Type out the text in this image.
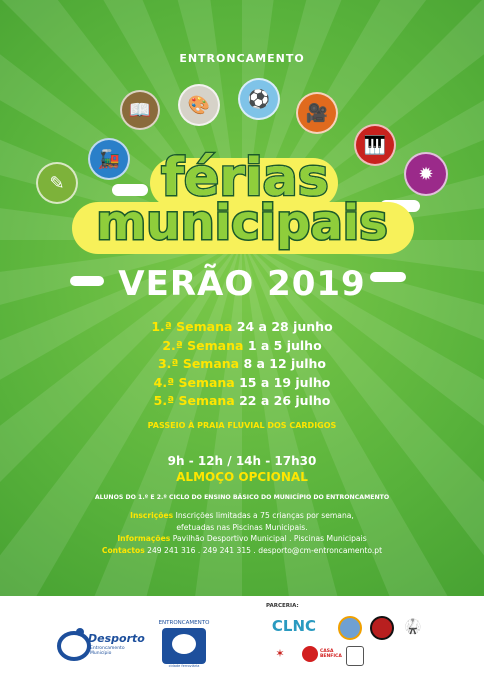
ENTRONCAMENTO
✎
🚂
📖	🎨	⚽
🎥
🎹
✹
férias
municipais
VERÃO 2019
1.ª Semana 24 a 28 junho
2.ª Semana 1 a 5 julho
3.ª Semana 8 a 12 julho
4.ª Semana 15 a 19 julho
5.ª Semana 22 a 26 julho
PASSEIO À PRAIA FLUVIAL DOS CARDIGOS
9h - 12h / 14h - 17h30
ALMOÇO OPCIONAL
ALUNOS DO 1.º E 2.º CICLO DO ENSINO BÁSICO DO MUNICÍPIO DO ENTRONCAMENTO
Inscrições Inscrições limitadas a 75 crianças por semana,
efetuadas nas Piscinas Municipais.
Informações Pavilhão Desportivo Municipal . Piscinas Municipais
Contactos 249 241 316 . 249 241 315 . desporto@cm-entroncamento.pt
Desporto
Entroncamento Município
ENTRONCAMENTO
cidade ferroviária
PARCERIA:
CLNC	🥋
✶	CASA BENFICA
